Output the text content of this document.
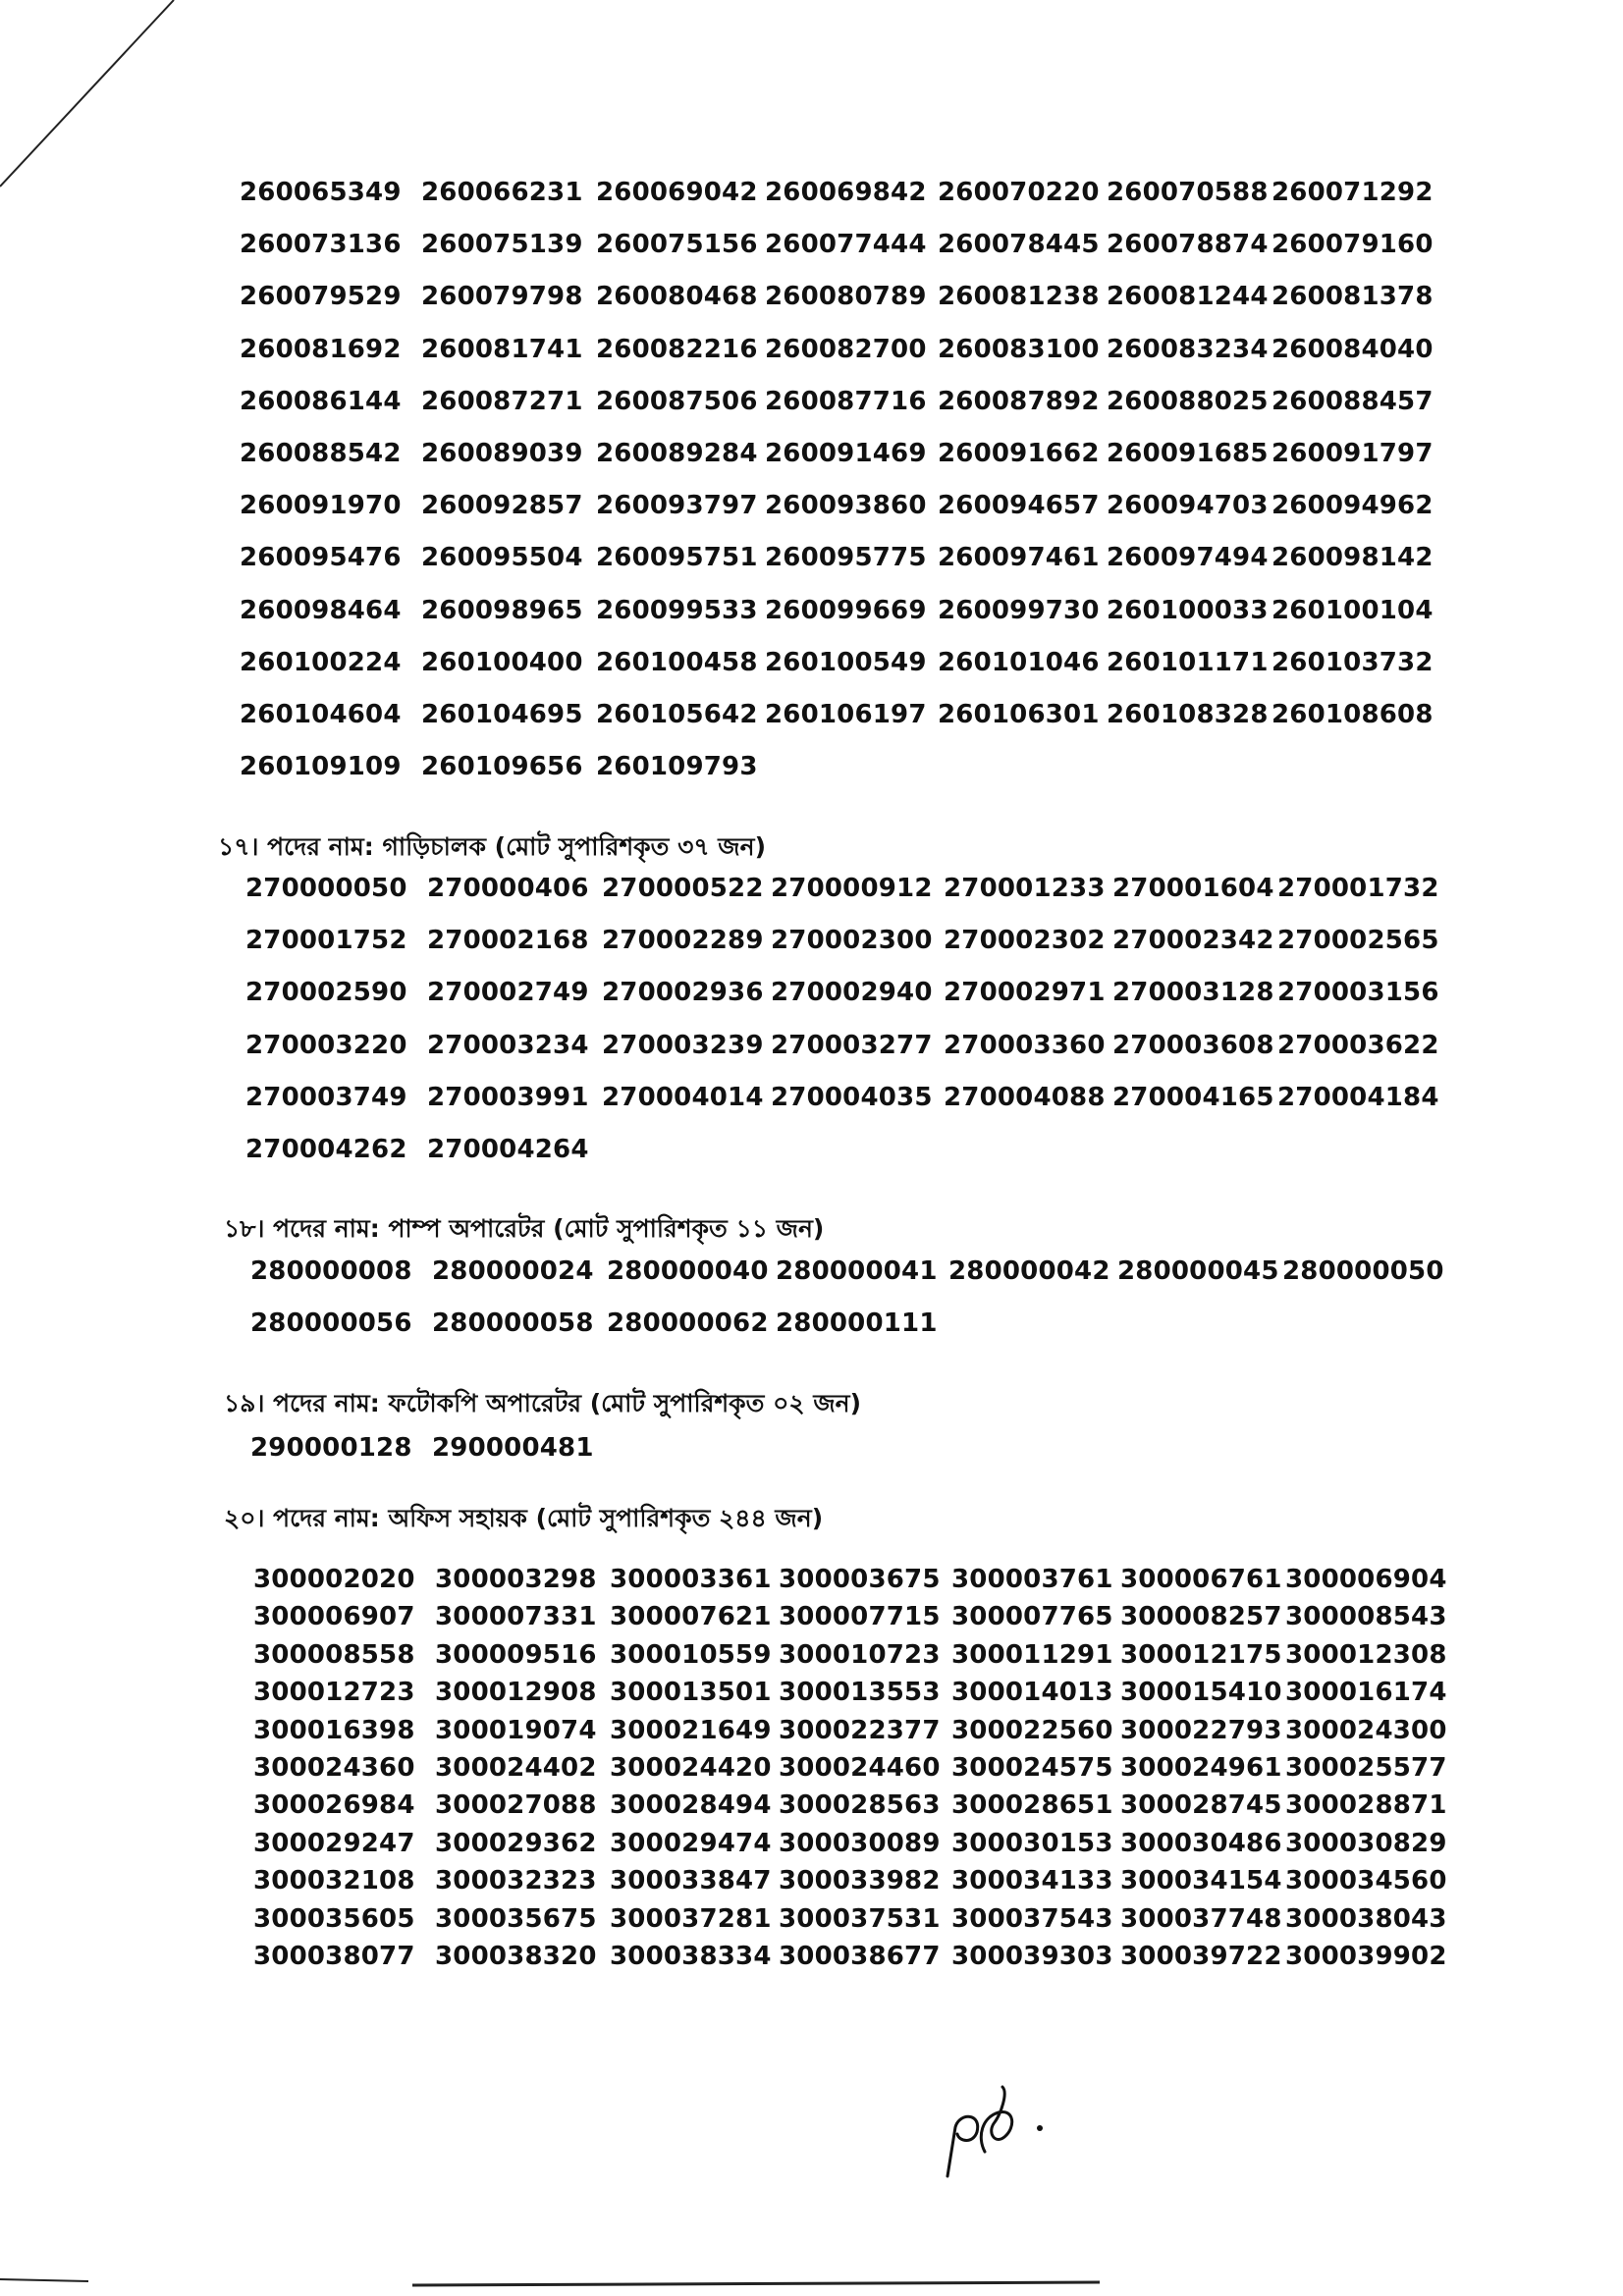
260065349 260066231 260069042 260069842 260070220 260070588 260071292
260073136 260075139 260075156 260077444 260078445 260078874 260079160
260079529 260079798 260080468 260080789 260081238 260081244 260081378
260081692 260081741 260082216 260082700 260083100 260083234 260084040
260086144 260087271 260087506 260087716 260087892 260088025 260088457
260088542 260089039 260089284 260091469 260091662 260091685 260091797
260091970 260092857 260093797 260093860 260094657 260094703 260094962
260095476 260095504 260095751 260095775 260097461 260097494 260098142
260098464 260098965 260099533 260099669 260099730 260100033 260100104
260100224 260100400 260100458 260100549 260101046 260101171 260103732
260104604 260104695 260105642 260106197 260106301 260108328 260108608
260109109 260109656 260109793
১৭। পদের নাম: গাড়িচালক (মোট সুপারিশকৃত ৩৭ জন)
270000050 270000406 270000522 270000912 270001233 270001604 270001732
270001752 270002168 270002289 270002300 270002302 270002342 270002565
270002590 270002749 270002936 270002940 270002971 270003128 270003156
270003220 270003234 270003239 270003277 270003360 270003608 270003622
270003749 270003991 270004014 270004035 270004088 270004165 270004184
270004262 270004264
১৮। পদের নাম: পাম্প অপারেটর (মোট সুপারিশকৃত ১১ জন)
280000008 280000024 280000040 280000041 280000042 280000045 280000050
280000056 280000058 280000062 280000111
১৯। পদের নাম: ফটোকপি অপারেটর (মোট সুপারিশকৃত ০২ জন)
290000128 290000481
২০। পদের নাম: অফিস সহায়ক (মোট সুপারিশকৃত ২৪৪ জন)
300002020 300003298 300003361 300003675 300003761 300006761 300006904
300006907 300007331 300007621 300007715 300007765 300008257 300008543
300008558 300009516 300010559 300010723 300011291 300012175 300012308
300012723 300012908 300013501 300013553 300014013 300015410 300016174
300016398 300019074 300021649 300022377 300022560 300022793 300024300
300024360 300024402 300024420 300024460 300024575 300024961 300025577
300026984 300027088 300028494 300028563 300028651 300028745 300028871
300029247 300029362 300029474 300030089 300030153 300030486 300030829
300032108 300032323 300033847 300033982 300034133 300034154 300034560
300035605 300035675 300037281 300037531 300037543 300037748 300038043
300038077 300038320 300038334 300038677 300039303 300039722 300039902
